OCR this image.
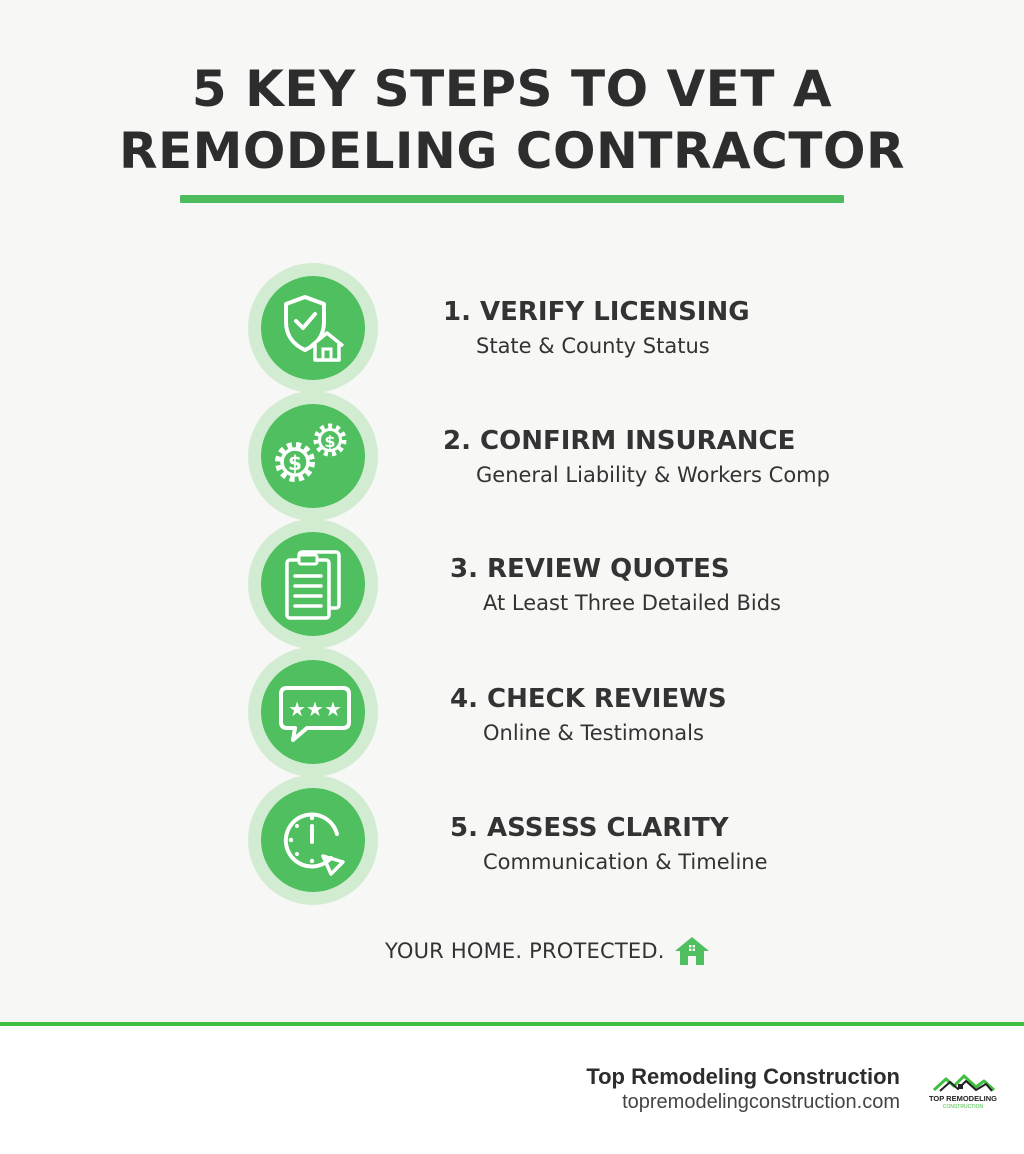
5 KEY STEPS TO VET A
REMODELING CONTRACTOR
1. VERIFY LICENSING
State & County Status
$
$	2. CONFIRM INSURANCE
General Liability & Workers Comp
3. REVIEW QUOTES
At Least Three Detailed Bids
★★★	4. CHECK REVIEWS
Online & Testimonals
5. ASSESS CLARITY
Communication & Timeline
YOUR HOME. PROTECTED.
Top Remodeling Construction
topremodelingconstruction.com	TOP REMODELING
CONSTRUCTION
